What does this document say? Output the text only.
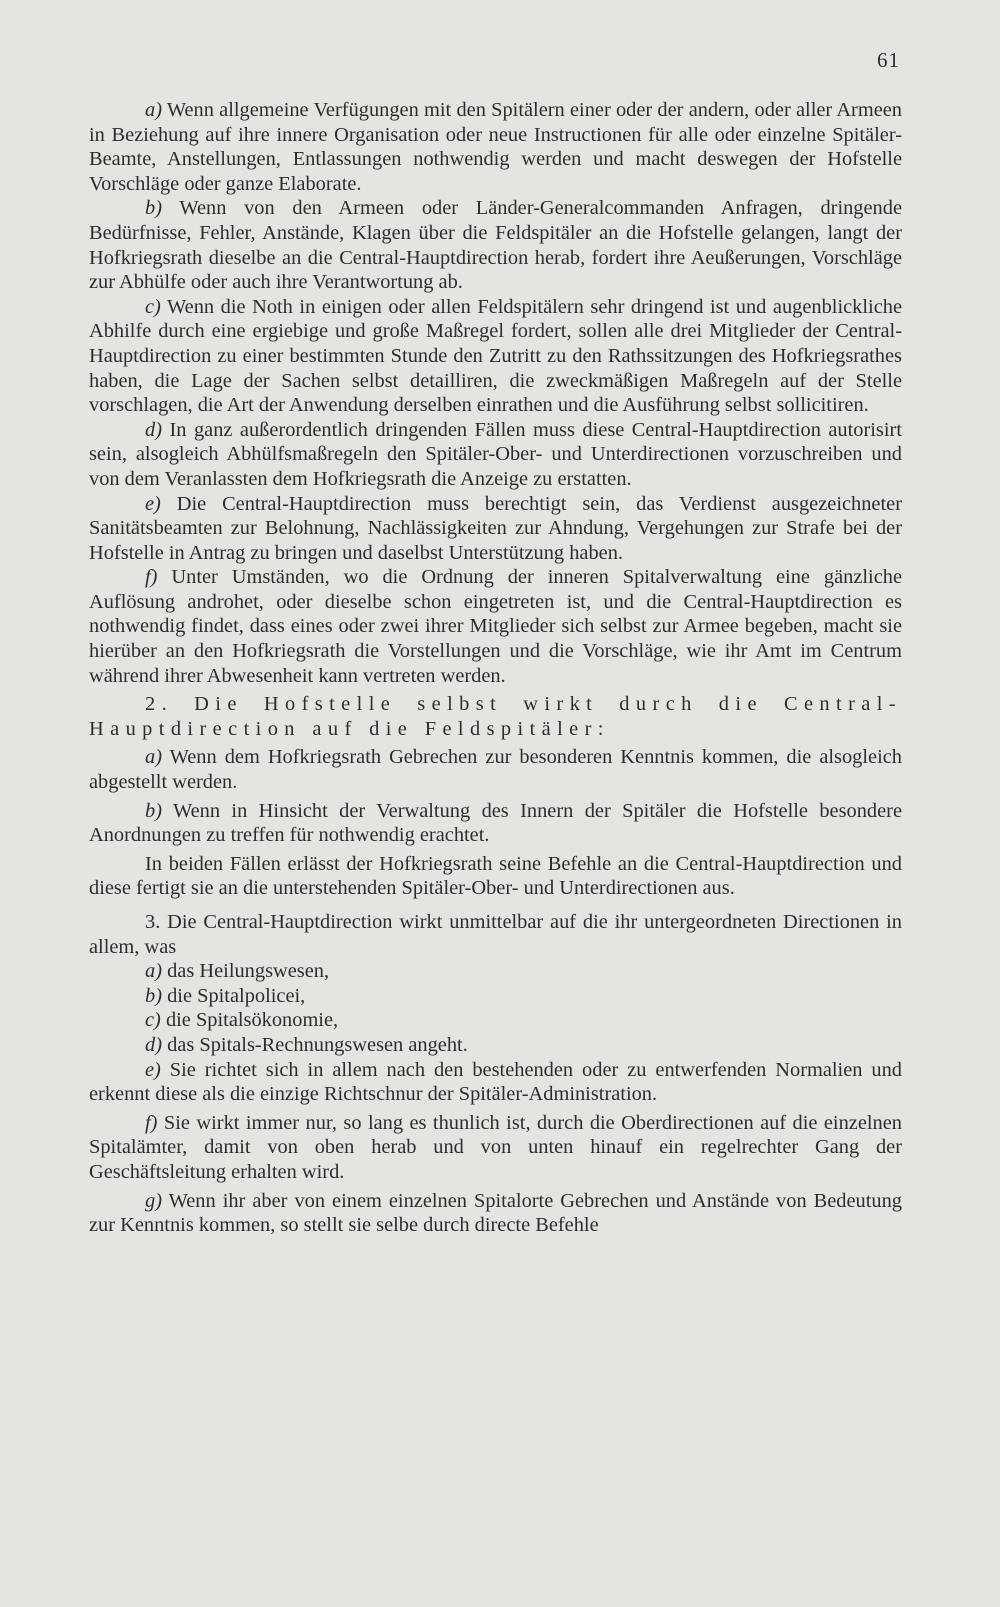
61

a) Wenn allgemeine Verfügungen mit den Spitälern einer oder der andern, oder aller Armeen in Beziehung auf ihre innere Organisation oder neue Instructionen für alle oder einzelne Spitäler-Beamte, Anstellungen, Entlassungen nothwendig werden und macht deswegen der Hofstelle Vorschläge oder ganze Elaborate.

b) Wenn von den Armeen oder Länder-Generalcommanden Anfragen, dringende Bedürfnisse, Fehler, Anstände, Klagen über die Feldspitäler an die Hofstelle gelangen, langt der Hofkriegsrath dieselbe an die Central-Hauptdirection herab, fordert ihre Aeußerungen, Vorschläge zur Abhülfe oder auch ihre Verantwortung ab.

c) Wenn die Noth in einigen oder allen Feldspitälern sehr dringend ist und augenblickliche Abhilfe durch eine ergiebige und große Maßregel fordert, sollen alle drei Mitglieder der Central-Hauptdirection zu einer bestimmten Stunde den Zutritt zu den Rathssitzungen des Hofkriegsrathes haben, die Lage der Sachen selbst detailliren, die zweckmäßigen Maßregeln auf der Stelle vorschlagen, die Art der Anwendung derselben einrathen und die Ausführung selbst sollicitiren.

d) In ganz außerordentlich dringenden Fällen muss diese Central-Hauptdirection autorisirt sein, alsogleich Abhülfsmaßregeln den Spitäler-Ober- und Unterdirectionen vorzuschreiben und von dem Veranlassten dem Hofkriegsrath die Anzeige zu erstatten.

e) Die Central-Hauptdirection muss berechtigt sein, das Verdienst ausgezeichneter Sanitätsbeamten zur Belohnung, Nachlässigkeiten zur Ahndung, Vergehungen zur Strafe bei der Hofstelle in Antrag zu bringen und daselbst Unterstützung haben.

f) Unter Umständen, wo die Ordnung der inneren Spitalverwaltung eine gänzliche Auflösung androhet, oder dieselbe schon eingetreten ist, und die Central-Hauptdirection es nothwendig findet, dass eines oder zwei ihrer Mitglieder sich selbst zur Armee begeben, macht sie hierüber an den Hofkriegsrath die Vorstellungen und die Vorschläge, wie ihr Amt im Centrum während ihrer Abwesenheit kann vertreten werden.

2. Die Hofstelle selbst wirkt durch die Central-Hauptdirection auf die Feldspitäler:

a) Wenn dem Hofkriegsrath Gebrechen zur besonderen Kenntnis kommen, die alsogleich abgestellt werden.

b) Wenn in Hinsicht der Verwaltung des Innern der Spitäler die Hofstelle besondere Anordnungen zu treffen für nothwendig erachtet.

In beiden Fällen erlässt der Hofkriegsrath seine Befehle an die Central-Hauptdirection und diese fertigt sie an die unterstehenden Spitäler-Ober- und Unterdirectionen aus.

3. Die Central-Hauptdirection wirkt unmittelbar auf die ihr untergeordneten Directionen in allem, was

a) das Heilungswesen,

b) die Spitalpolicei,

c) die Spitalsökonomie,

d) das Spitals-Rechnungswesen angeht.

e) Sie richtet sich in allem nach den bestehenden oder zu entwerfenden Normalien und erkennt diese als die einzige Richtschnur der Spitäler-Administration.

f) Sie wirkt immer nur, so lang es thunlich ist, durch die Oberdirectionen auf die einzelnen Spitalämter, damit von oben herab und von unten hinauf ein regelrechter Gang der Geschäftsleitung erhalten wird.

g) Wenn ihr aber von einem einzelnen Spitalorte Gebrechen und Anstände von Bedeutung zur Kenntnis kommen, so stellt sie selbe durch directe Befehle
